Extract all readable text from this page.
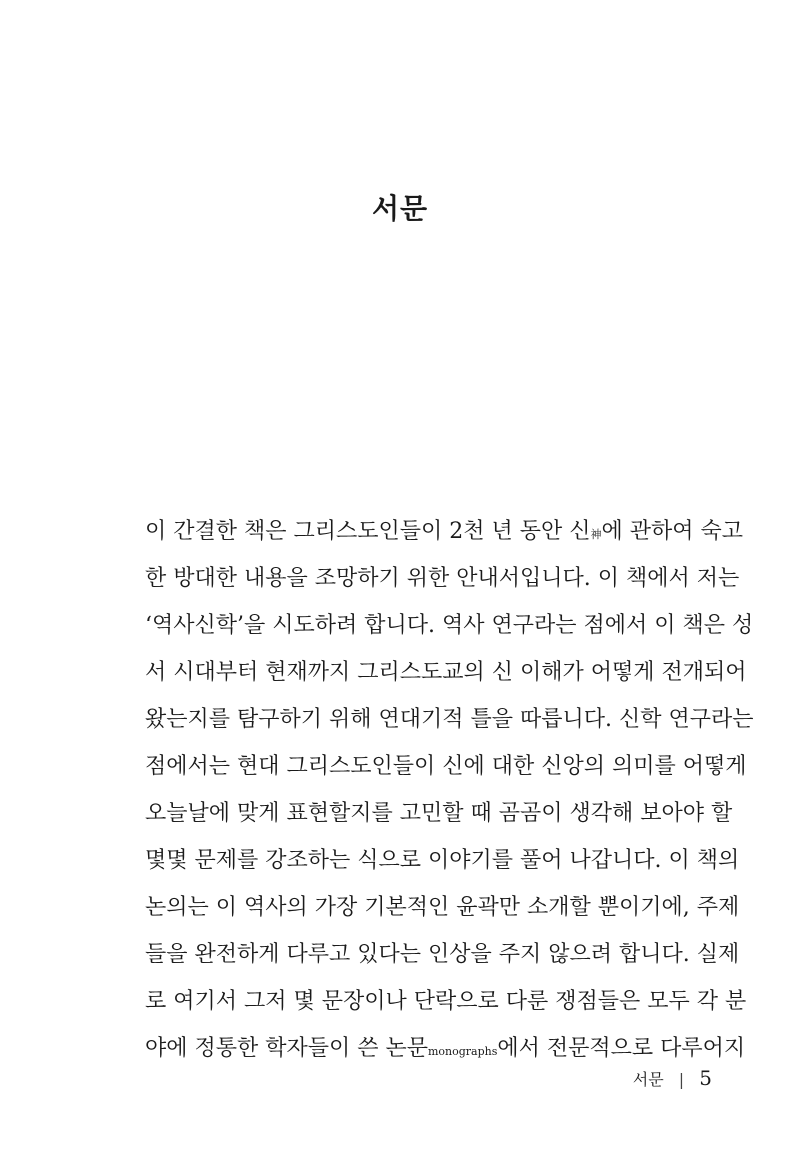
서문
이 간결한 책은 그리스도인들이 2천 년 동안 신神에 관하여 숙고
한 방대한 내용을 조망하기 위한 안내서입니다. 이 책에서 저는
‘역사신학’을 시도하려 합니다. 역사 연구라는 점에서 이 책은 성
서 시대부터 현재까지 그리스도교의 신 이해가 어떻게 전개되어
왔는지를 탐구하기 위해 연대기적 틀을 따릅니다. 신학 연구라는
점에서는 현대 그리스도인들이 신에 대한 신앙의 의미를 어떻게
오늘날에 맞게 표현할지를 고민할 때 곰곰이 생각해 보아야 할
몇몇 문제를 강조하는 식으로 이야기를 풀어 나갑니다. 이 책의
논의는 이 역사의 가장 기본적인 윤곽만 소개할 뿐이기에, 주제
들을 완전하게 다루고 있다는 인상을 주지 않으려 합니다. 실제
로 여기서 그저 몇 문장이나 단락으로 다룬 쟁점들은 모두 각 분
야에 정통한 학자들이 쓴 논문monographs에서 전문적으로 다루어지
서문 | 5
